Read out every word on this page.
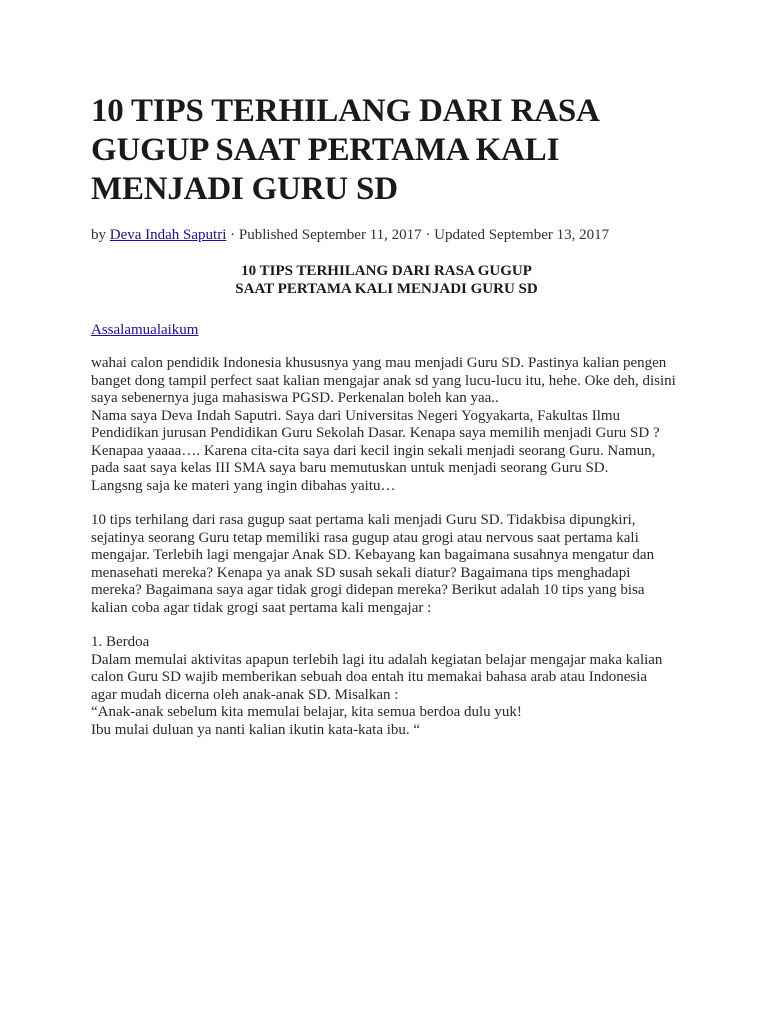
10 TIPS TERHILANG DARI RASA GUGUP SAAT PERTAMA KALI MENJADI GURU SD
by Deva Indah Saputri · Published September 11, 2017 · Updated September 13, 2017
10 TIPS TERHILANG DARI RASA GUGUP
SAAT PERTAMA KALI MENJADI GURU SD
Assalamualaikum
wahai calon pendidik Indonesia khususnya yang mau menjadi Guru SD. Pastinya kalian pengen
banget dong tampil perfect saat kalian mengajar anak sd yang lucu-lucu itu, hehe. Oke deh, disini
saya sebenernya juga mahasiswa PGSD. Perkenalan boleh kan yaa..
Nama saya Deva Indah Saputri. Saya dari Universitas Negeri Yogyakarta, Fakultas Ilmu
Pendidikan jurusan Pendidikan Guru Sekolah Dasar. Kenapa saya memilih menjadi Guru SD ?
Kenapaa yaaaa…. Karena cita-cita saya dari kecil ingin sekali menjadi seorang Guru. Namun,
pada saat saya kelas III SMA saya baru memutuskan untuk menjadi seorang Guru SD.
Langsng saja ke materi yang ingin dibahas yaitu…
10 tips terhilang dari rasa gugup saat pertama kali menjadi Guru SD. Tidakbisa dipungkiri,
sejatinya seorang Guru tetap memiliki rasa gugup atau grogi atau nervous saat pertama kali
mengajar. Terlebih lagi mengajar Anak SD. Kebayang kan bagaimana susahnya mengatur dan
menasehati mereka? Kenapa ya anak SD susah sekali diatur? Bagaimana tips menghadapi
mereka? Bagaimana saya agar tidak grogi didepan mereka? Berikut adalah 10 tips yang bisa
kalian coba agar tidak grogi saat pertama kali mengajar :
1. Berdoa
Dalam memulai aktivitas apapun terlebih lagi itu adalah kegiatan belajar mengajar maka kalian
calon Guru SD wajib memberikan sebuah doa entah itu memakai bahasa arab atau Indonesia
agar mudah dicerna oleh anak-anak SD. Misalkan :
“Anak-anak sebelum kita memulai belajar, kita semua berdoa dulu yuk!
Ibu mulai duluan ya nanti kalian ikutin kata-kata ibu. “
